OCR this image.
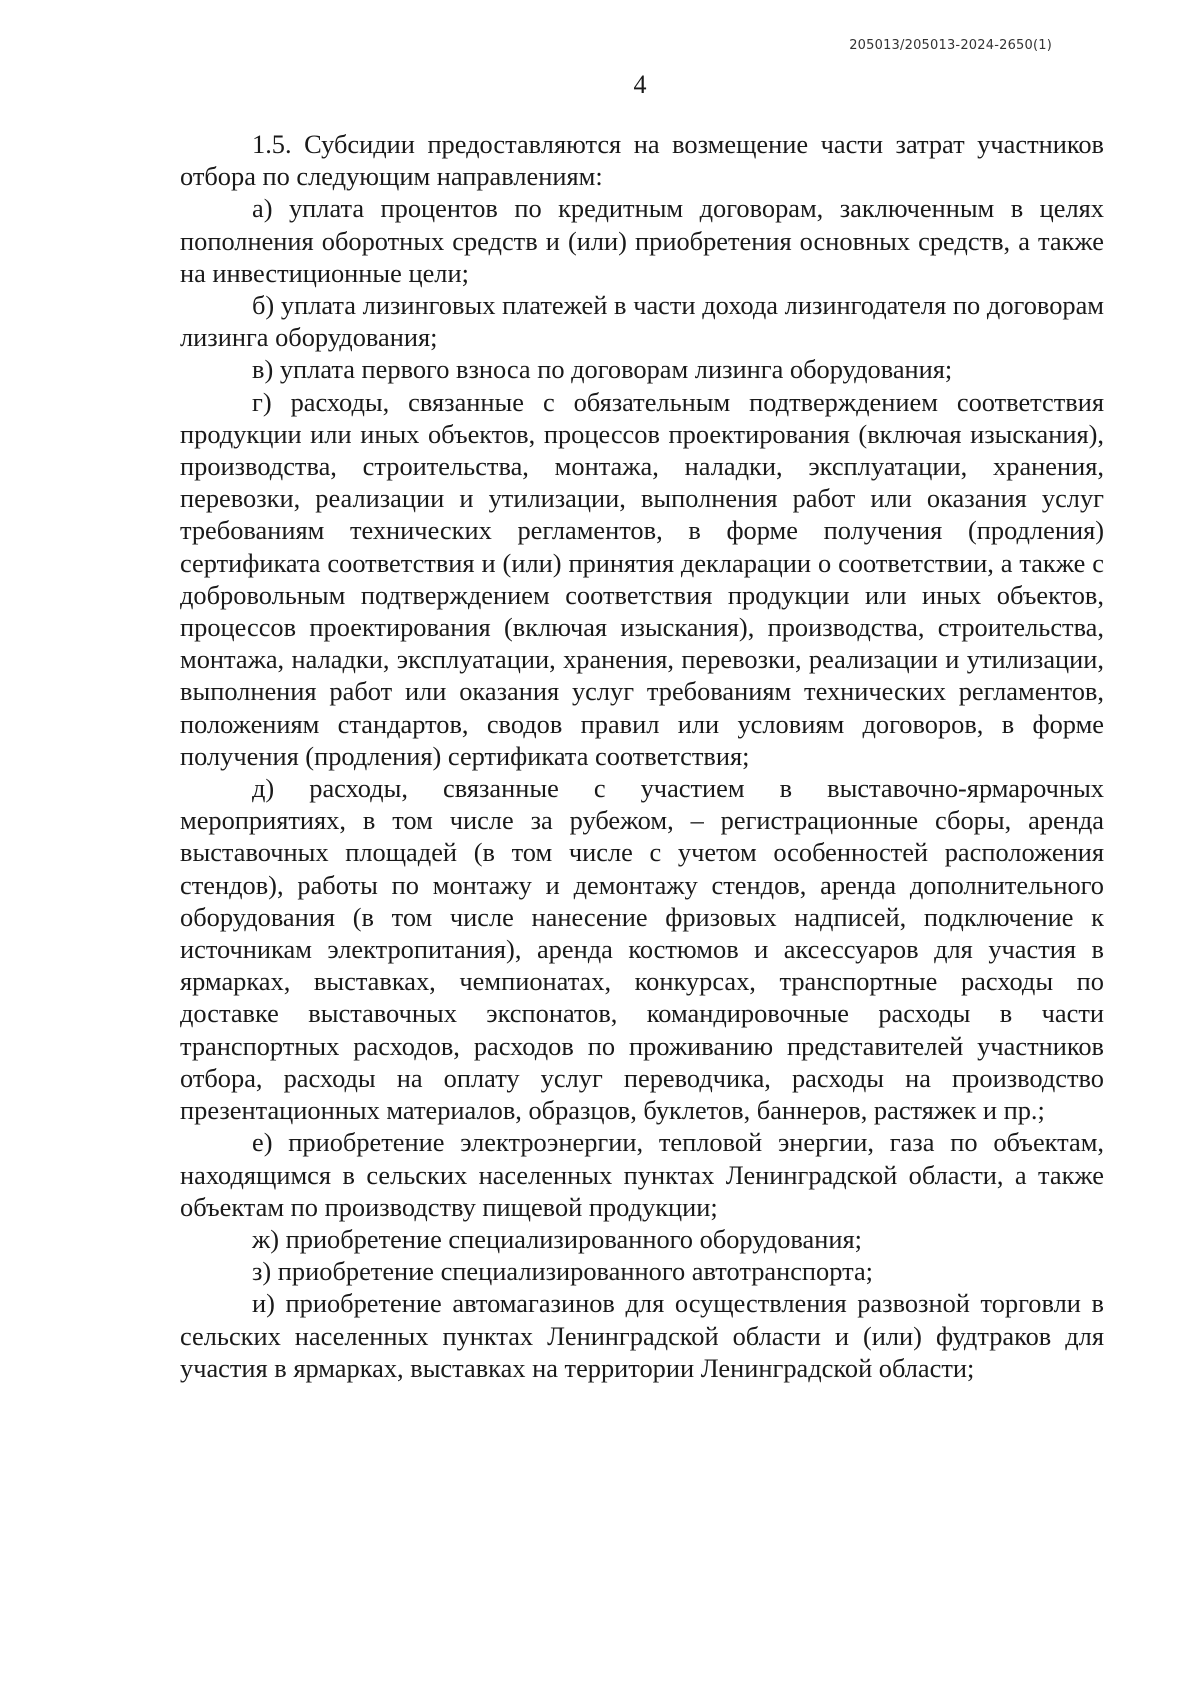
205013/205013-2024-2650(1)
4

1.5. Субсидии предоставляются на возмещение части затрат участников отбора по следующим направлениям:

а) уплата процентов по кредитным договорам, заключенным в целях пополнения оборотных средств и (или) приобретения основных средств, а также на инвестиционные цели;

б) уплата лизинговых платежей в части дохода лизингодателя по договорам лизинга оборудования;

в) уплата первого взноса по договорам лизинга оборудования;

г) расходы, связанные с обязательным подтверждением соответствия продукции или иных объектов, процессов проектирования (включая изыскания), производства, строительства, монтажа, наладки, эксплуатации, хранения, перевозки, реализации и утилизации, выполнения работ или оказания услуг требованиям технических регламентов, в форме получения (продления) сертификата соответствия и (или) принятия декларации о соответствии, а также с добровольным подтверждением соответствия продукции или иных объектов, процессов проектирования (включая изыскания), производства, строительства, монтажа, наладки, эксплуатации, хранения, перевозки, реализации и утилизации, выполнения работ или оказания услуг требованиям технических регламентов, положениям стандартов, сводов правил или условиям договоров, в форме получения (продления) сертификата соответствия;

д) расходы, связанные с участием в выставочно-ярмарочных мероприятиях, в том числе за рубежом, – регистрационные сборы, аренда выставочных площадей (в том числе с учетом особенностей расположения стендов), работы по монтажу и демонтажу стендов, аренда дополнительного оборудования (в том числе нанесение фризовых надписей, подключение к источникам электропитания), аренда костюмов и аксессуаров для участия в ярмарках, выставках, чемпионатах, конкурсах, транспортные расходы по доставке выставочных экспонатов, командировочные расходы в части транспортных расходов, расходов по проживанию представителей участников отбора, расходы на оплату услуг переводчика, расходы на производство презентационных материалов, образцов, буклетов, баннеров, растяжек и пр.;

е) приобретение электроэнергии, тепловой энергии, газа по объектам, находящимся в сельских населенных пунктах Ленинградской области, а также объектам по производству пищевой продукции;

ж) приобретение специализированного оборудования;

з) приобретение специализированного автотранспорта;

и) приобретение автомагазинов для осуществления развозной торговли в сельских населенных пунктах Ленинградской области и (или) фудтраков для участия в ярмарках, выставках на территории Ленинградской области;
